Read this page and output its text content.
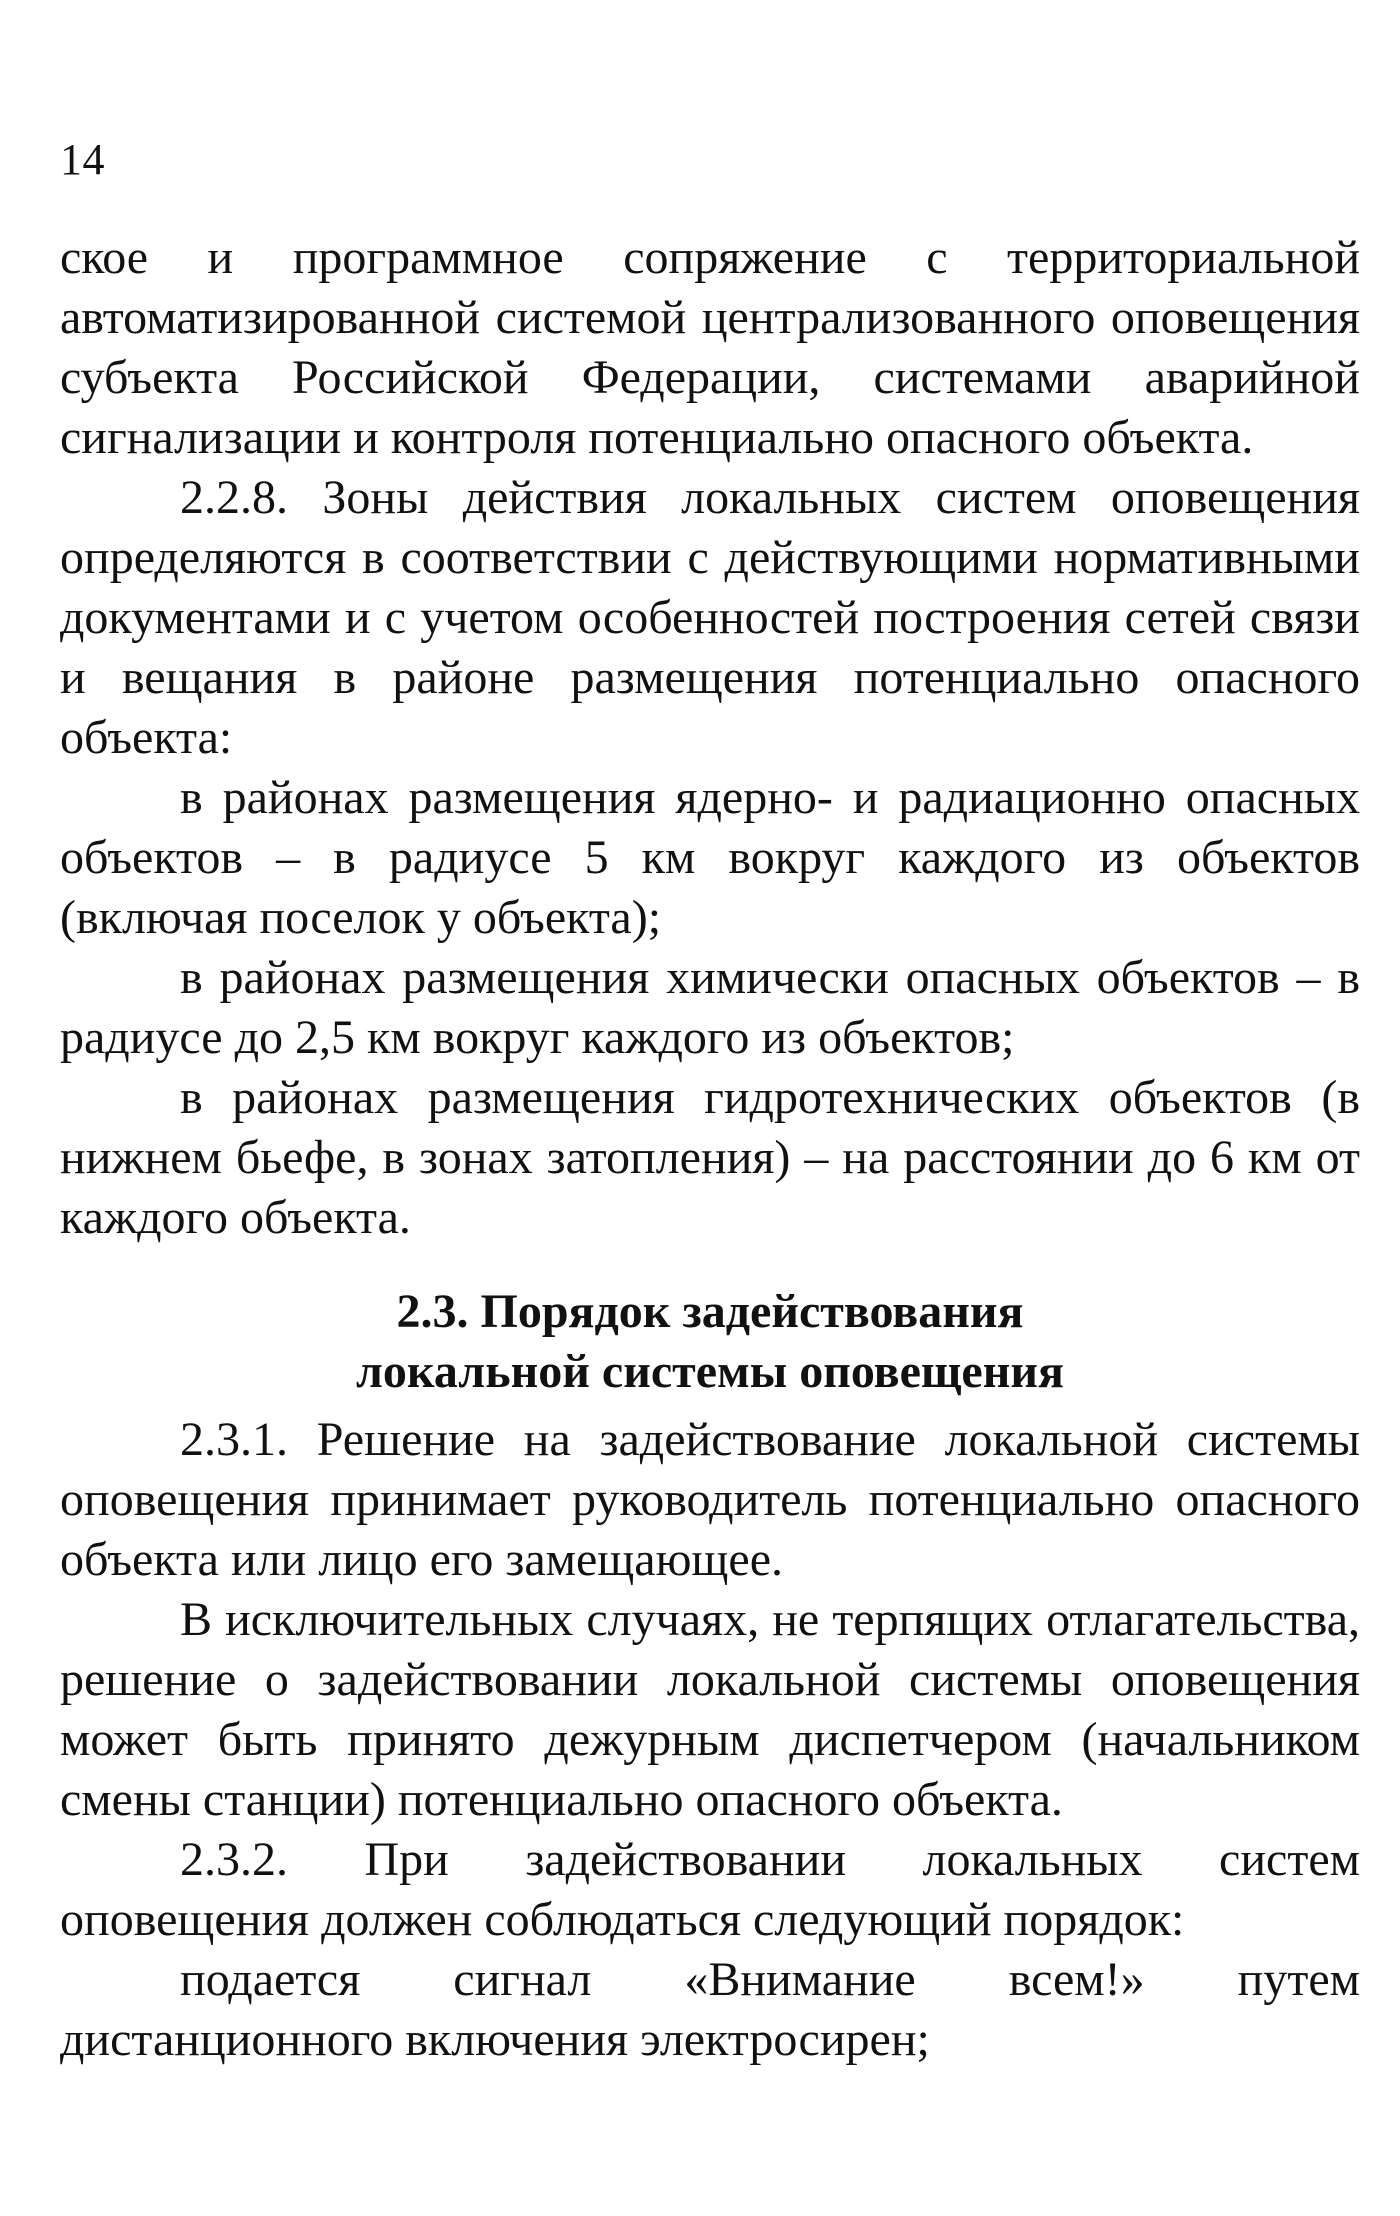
14

ское и программное сопряжение с территориальной автоматизированной системой централизованного оповещения субъекта Российской Федерации, системами аварийной сигнализации и контроля потенциально опасного объекта.

2.2.8. Зоны действия локальных систем оповещения определяются в соответствии с действующими нормативными документами и с учетом особенностей построения сетей связи и вещания в районе размещения потенциально опасного объекта:

в районах размещения ядерно- и радиационно опасных объектов – в радиусе 5 км вокруг каждого из объектов (включая поселок у объекта);

в районах размещения химически опасных объектов – в радиусе до 2,5 км вокруг каждого из объектов;

в районах размещения гидротехнических объектов (в нижнем бьефе, в зонах затопления) – на расстоянии до 6 км от каждого объекта.

2.3. Порядок задействования
локальной системы оповещения

2.3.1. Решение на задействование локальной системы оповещения принимает руководитель потенциально опасного объекта или лицо его замещающее.

В исключительных случаях, не терпящих отлагательства, решение о задействовании локальной системы оповещения может быть принято дежурным диспетчером (начальником смены станции) потенциально опасного объекта.

2.3.2. При задействовании локальных систем оповещения должен соблюдаться следующий порядок:

подается сигнал «Внимание всем!» путем дистанционного включения электросирен;
